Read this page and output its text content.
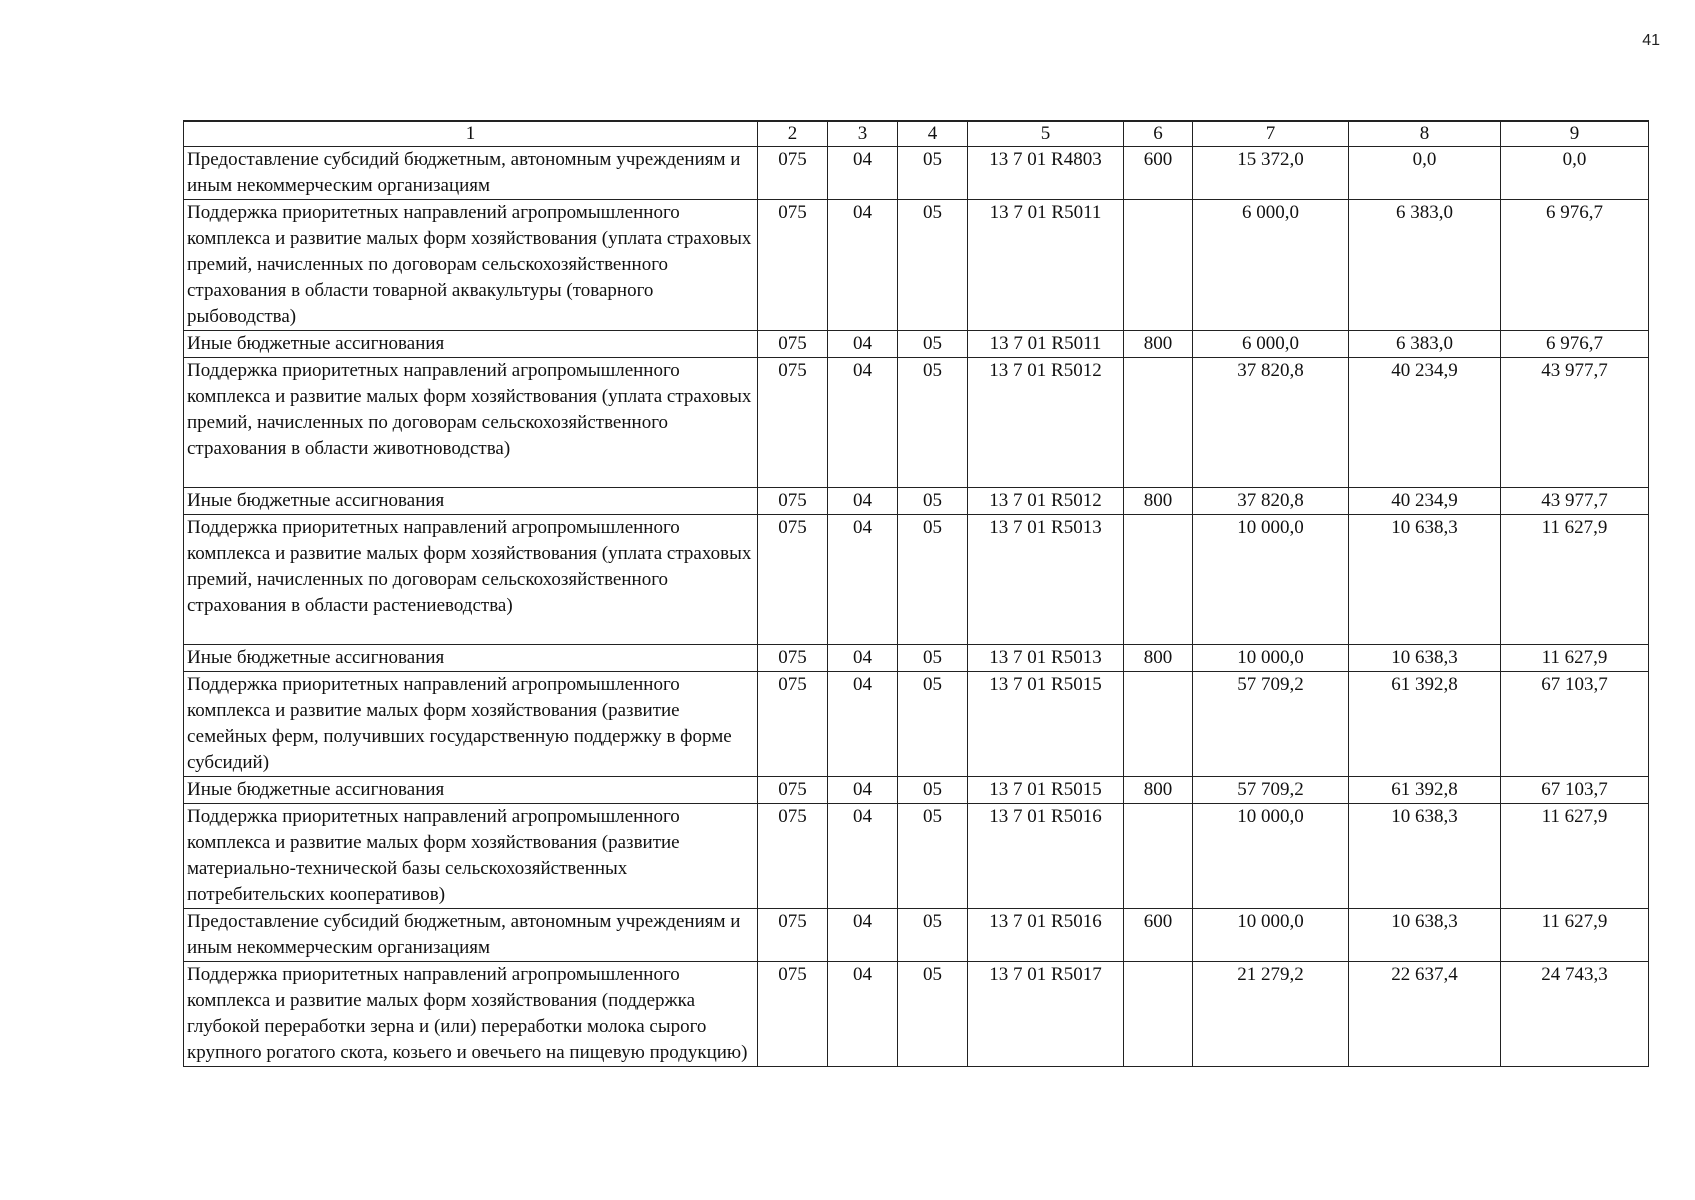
41
1	2	3	4	5	6	7	8	9
Предоставление субсидий бюджетным, автономным учреждениям и иным некоммерческим организациям	075	04	05	13 7 01 R4803	600	15 372,0	0,0	0,0
Поддержка приоритетных направлений агропромышленного комплекса и развитие малых форм хозяйствования (уплата страховых премий, начисленных по договорам сельскохозяйственного страхования в области товарной аквакультуры (товарного рыбоводства)	075	04	05	13 7 01 R5011		6 000,0	6 383,0	6 976,7
Иные бюджетные ассигнования	075	04	05	13 7 01 R5011	800	6 000,0	6 383,0	6 976,7
Поддержка приоритетных направлений агропромышленного комплекса и развитие малых форм хозяйствования (уплата страховых премий, начисленных по договорам сельскохозяйственного страхования в области животноводства)	075	04	05	13 7 01 R5012		37 820,8	40 234,9	43 977,7
Иные бюджетные ассигнования	075	04	05	13 7 01 R5012	800	37 820,8	40 234,9	43 977,7
Поддержка приоритетных направлений агропромышленного комплекса и развитие малых форм хозяйствования (уплата страховых премий, начисленных по договорам сельскохозяйственного страхования в области растениеводства)	075	04	05	13 7 01 R5013		10 000,0	10 638,3	11 627,9
Иные бюджетные ассигнования	075	04	05	13 7 01 R5013	800	10 000,0	10 638,3	11 627,9
Поддержка приоритетных направлений агропромышленного комплекса и развитие малых форм хозяйствования (развитие семейных ферм, получивших государственную поддержку в форме субсидий)	075	04	05	13 7 01 R5015		57 709,2	61 392,8	67 103,7
Иные бюджетные ассигнования	075	04	05	13 7 01 R5015	800	57 709,2	61 392,8	67 103,7
Поддержка приоритетных направлений агропромышленного комплекса и развитие малых форм хозяйствования (развитие материально-технической базы сельскохозяйственных потребительских кооперативов)	075	04	05	13 7 01 R5016		10 000,0	10 638,3	11 627,9
Предоставление субсидий бюджетным, автономным учреждениям и иным некоммерческим организациям	075	04	05	13 7 01 R5016	600	10 000,0	10 638,3	11 627,9
Поддержка приоритетных направлений агропромышленного комплекса и развитие малых форм хозяйствования (поддержка глубокой переработки зерна и (или) переработки молока сырого крупного рогатого скота, козьего и овечьего на пищевую продукцию)	075	04	05	13 7 01 R5017		21 279,2	22 637,4	24 743,3
